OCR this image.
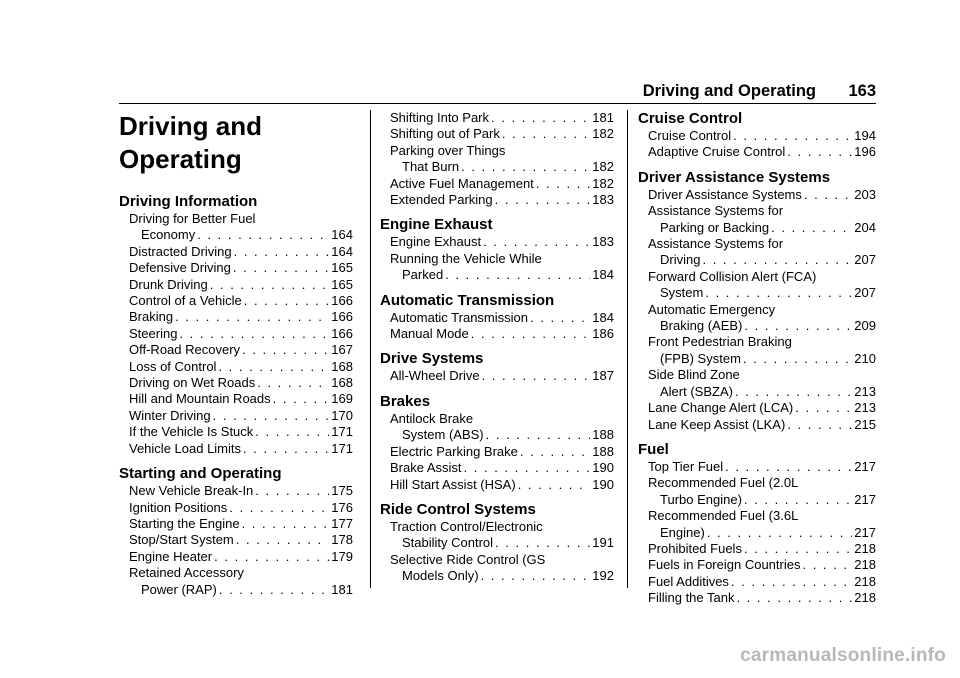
Driving and Operating	163
Driving and
Operating
Driving Information
Driving for Better Fuel
Economy . . .	164
Distracted Driving . . .	164
Defensive Driving . . .	165
Drunk Driving . . .	165
Control of a Vehicle . . .	166
Braking . . .	166
Steering . . .	166
Off-Road Recovery . . .	167
Loss of Control . . .	168
Driving on Wet Roads . . .	168
Hill and Mountain Roads . . .	169
Winter Driving . . .	170
If the Vehicle Is Stuck . . .	171
Vehicle Load Limits . . .	171
Starting and Operating
New Vehicle Break-In . . .	175
Ignition Positions . . .	176
Starting the Engine . . .	177
Stop/Start System . . .	178
Engine Heater . . .	179
Retained Accessory
Power (RAP) . . .	181
Shifting Into Park . . .	181
Shifting out of Park . . .	182
Parking over Things
That Burn . . .	182
Active Fuel Management . . .	182
Extended Parking . . .	183
Engine Exhaust
Engine Exhaust . . .	183
Running the Vehicle While
Parked . . .	184
Automatic Transmission
Automatic Transmission . . .	184
Manual Mode . . .	186
Drive Systems
All-Wheel Drive . . .	187
Brakes
Antilock Brake
System (ABS) . . .	188
Electric Parking Brake . . .	188
Brake Assist . . .	190
Hill Start Assist (HSA) . . .	190
Ride Control Systems
Traction Control/Electronic
Stability Control . . .	191
Selective Ride Control (GS
Models Only) . . .	192
Cruise Control
Cruise Control . . .	194
Adaptive Cruise Control . . .	196
Driver Assistance Systems
Driver Assistance Systems . . .	203
Assistance Systems for
Parking or Backing . . .	204
Assistance Systems for
Driving . . .	207
Forward Collision Alert (FCA)
System . . .	207
Automatic Emergency
Braking (AEB) . . .	209
Front Pedestrian Braking
(FPB) System . . .	210
Side Blind Zone
Alert (SBZA) . . .	213
Lane Change Alert (LCA) . . .	213
Lane Keep Assist (LKA) . . .	215
Fuel
Top Tier Fuel . . .	217
Recommended Fuel (2.0L
Turbo Engine) . . .	217
Recommended Fuel (3.6L
Engine) . . .	217
Prohibited Fuels . . .	218
Fuels in Foreign Countries . . .	218
Fuel Additives . . .	218
Filling the Tank . . .	218
carmanualsonline.info
